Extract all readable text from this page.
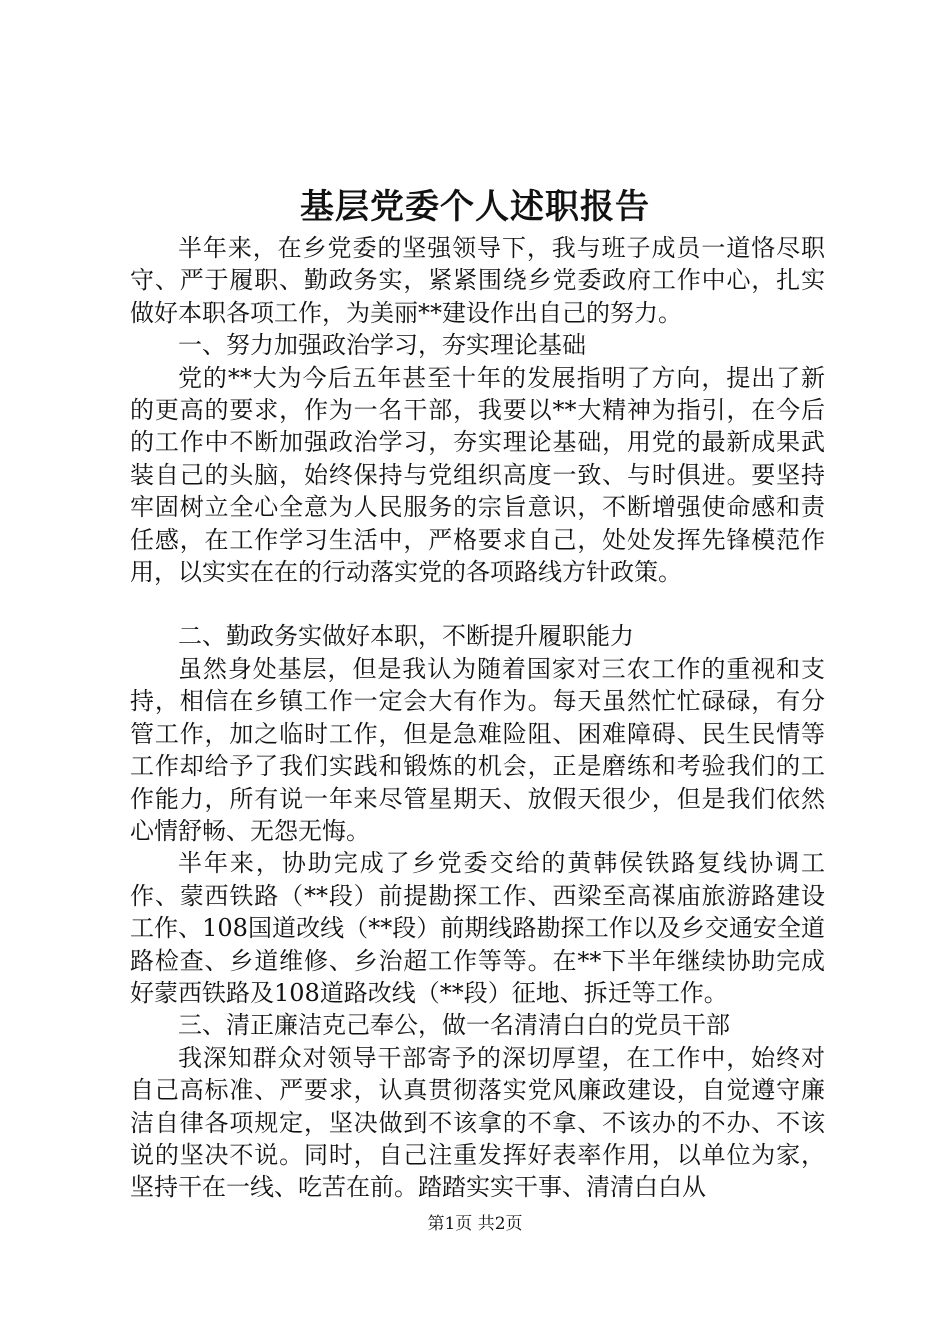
基层党委个人述职报告

半年来，在乡党委的坚强领导下，我与班子成员一道恪尽职守、严于履职、勤政务实，紧紧围绕乡党委政府工作中心，扎实做好本职各项工作，为美丽**建设作出自己的努力。

一、努力加强政治学习，夯实理论基础

党的**大为今后五年甚至十年的发展指明了方向，提出了新的更高的要求，作为一名干部，我要以**大精神为指引，在今后的工作中不断加强政治学习，夯实理论基础，用党的最新成果武装自己的头脑，始终保持与党组织高度一致、与时俱进。要坚持牢固树立全心全意为人民服务的宗旨意识，不断增强使命感和责任感，在工作学习生活中，严格要求自己，处处发挥先锋模范作用，以实实在在的行动落实党的各项路线方针政策。

二、勤政务实做好本职，不断提升履职能力

虽然身处基层，但是我认为随着国家对三农工作的重视和支持，相信在乡镇工作一定会大有作为。每天虽然忙忙碌碌，有分管工作，加之临时工作，但是急难险阻、困难障碍、民生民情等工作却给予了我们实践和锻炼的机会，正是磨练和考验我们的工作能力，所有说一年来尽管星期天、放假天很少，但是我们依然心情舒畅、无怨无悔。

半年来，协助完成了乡党委交给的黄韩侯铁路复线协调工作、蒙西铁路（**段）前提勘探工作、西梁至高禖庙旅游路建设工作、108国道改线（**段）前期线路勘探工作以及乡交通安全道路检查、乡道维修、乡治超工作等等。在**下半年继续协助完成好蒙西铁路及108道路改线（**段）征地、拆迁等工作。

三、清正廉洁克己奉公，做一名清清白白的党员干部

我深知群众对领导干部寄予的深切厚望，在工作中，始终对自己高标准、严要求，认真贯彻落实党风廉政建设，自觉遵守廉洁自律各项规定，坚决做到不该拿的不拿、不该办的不办、不该说的坚决不说。同时，自己注重发挥好表率作用，以单位为家，坚持干在一线、吃苦在前。踏踏实实干事、清清白白从

第1页 共2页
